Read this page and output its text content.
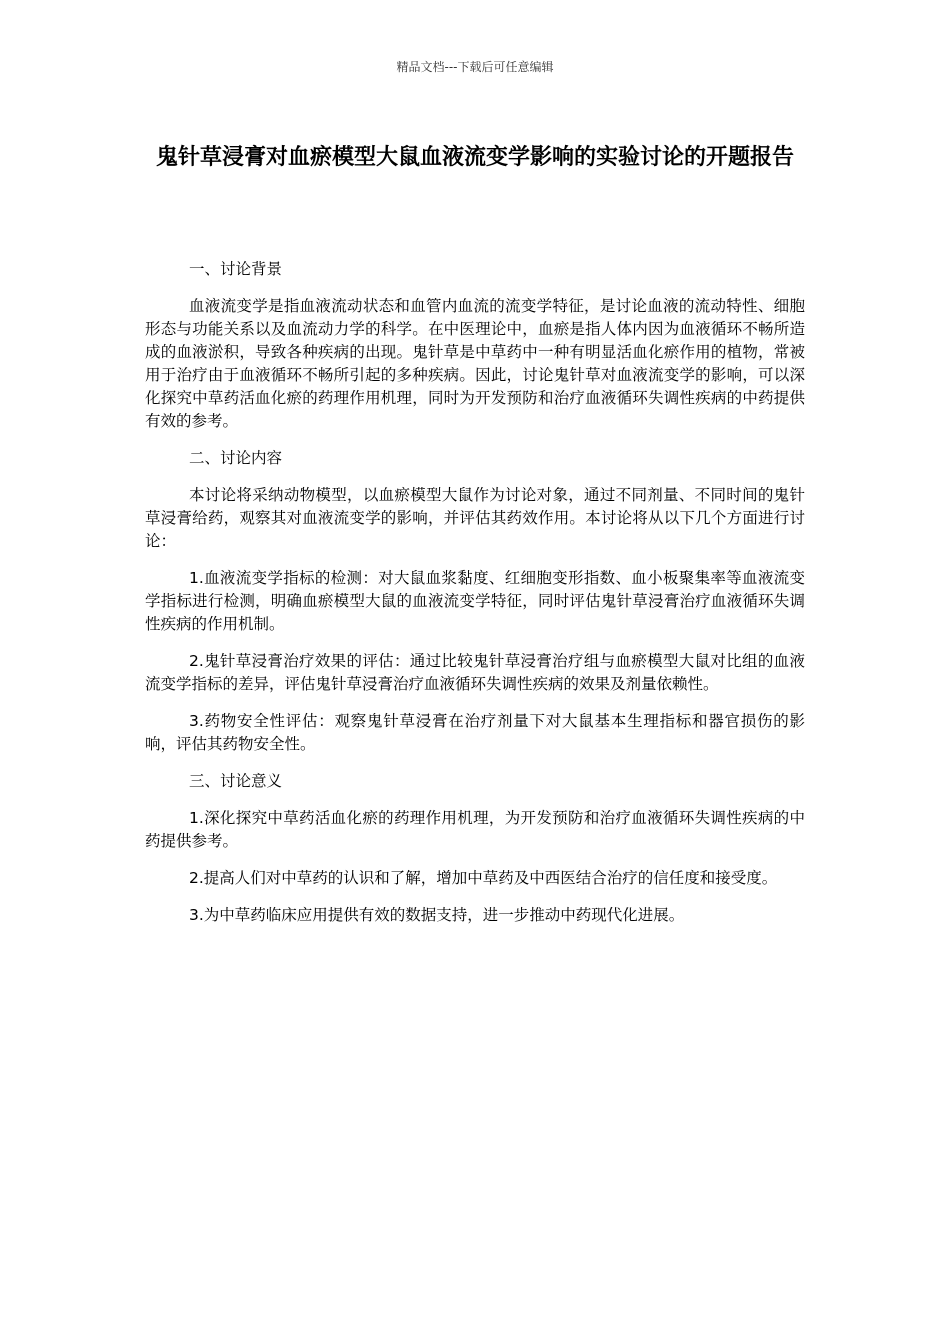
精品文档---下载后可任意编辑
鬼针草浸膏对血瘀模型大鼠血液流变学影响的实验讨论的开题报告

一、讨论背景

血液流变学是指血液流动状态和血管内血流的流变学特征，是讨论血液的流动特性、细胞形态与功能关系以及血流动力学的科学。在中医理论中，血瘀是指人体内因为血液循环不畅所造成的血液淤积，导致各种疾病的出现。鬼针草是中草药中一种有明显活血化瘀作用的植物，常被用于治疗由于血液循环不畅所引起的多种疾病。因此，讨论鬼针草对血液流变学的影响，可以深化探究中草药活血化瘀的药理作用机理，同时为开发预防和治疗血液循环失调性疾病的中药提供有效的参考。

二、讨论内容

本讨论将采纳动物模型，以血瘀模型大鼠作为讨论对象，通过不同剂量、不同时间的鬼针草浸膏给药，观察其对血液流变学的影响，并评估其药效作用。本讨论将从以下几个方面进行讨论：

1.血液流变学指标的检测：对大鼠血浆黏度、红细胞变形指数、血小板聚集率等血液流变学指标进行检测，明确血瘀模型大鼠的血液流变学特征，同时评估鬼针草浸膏治疗血液循环失调性疾病的作用机制。

2.鬼针草浸膏治疗效果的评估：通过比较鬼针草浸膏治疗组与血瘀模型大鼠对比组的血液流变学指标的差异，评估鬼针草浸膏治疗血液循环失调性疾病的效果及剂量依赖性。

3.药物安全性评估：观察鬼针草浸膏在治疗剂量下对大鼠基本生理指标和器官损伤的影响，评估其药物安全性。

三、讨论意义

1.深化探究中草药活血化瘀的药理作用机理，为开发预防和治疗血液循环失调性疾病的中药提供参考。

2.提高人们对中草药的认识和了解，增加中草药及中西医结合治疗的信任度和接受度。

3.为中草药临床应用提供有效的数据支持，进一步推动中药现代化进展。
